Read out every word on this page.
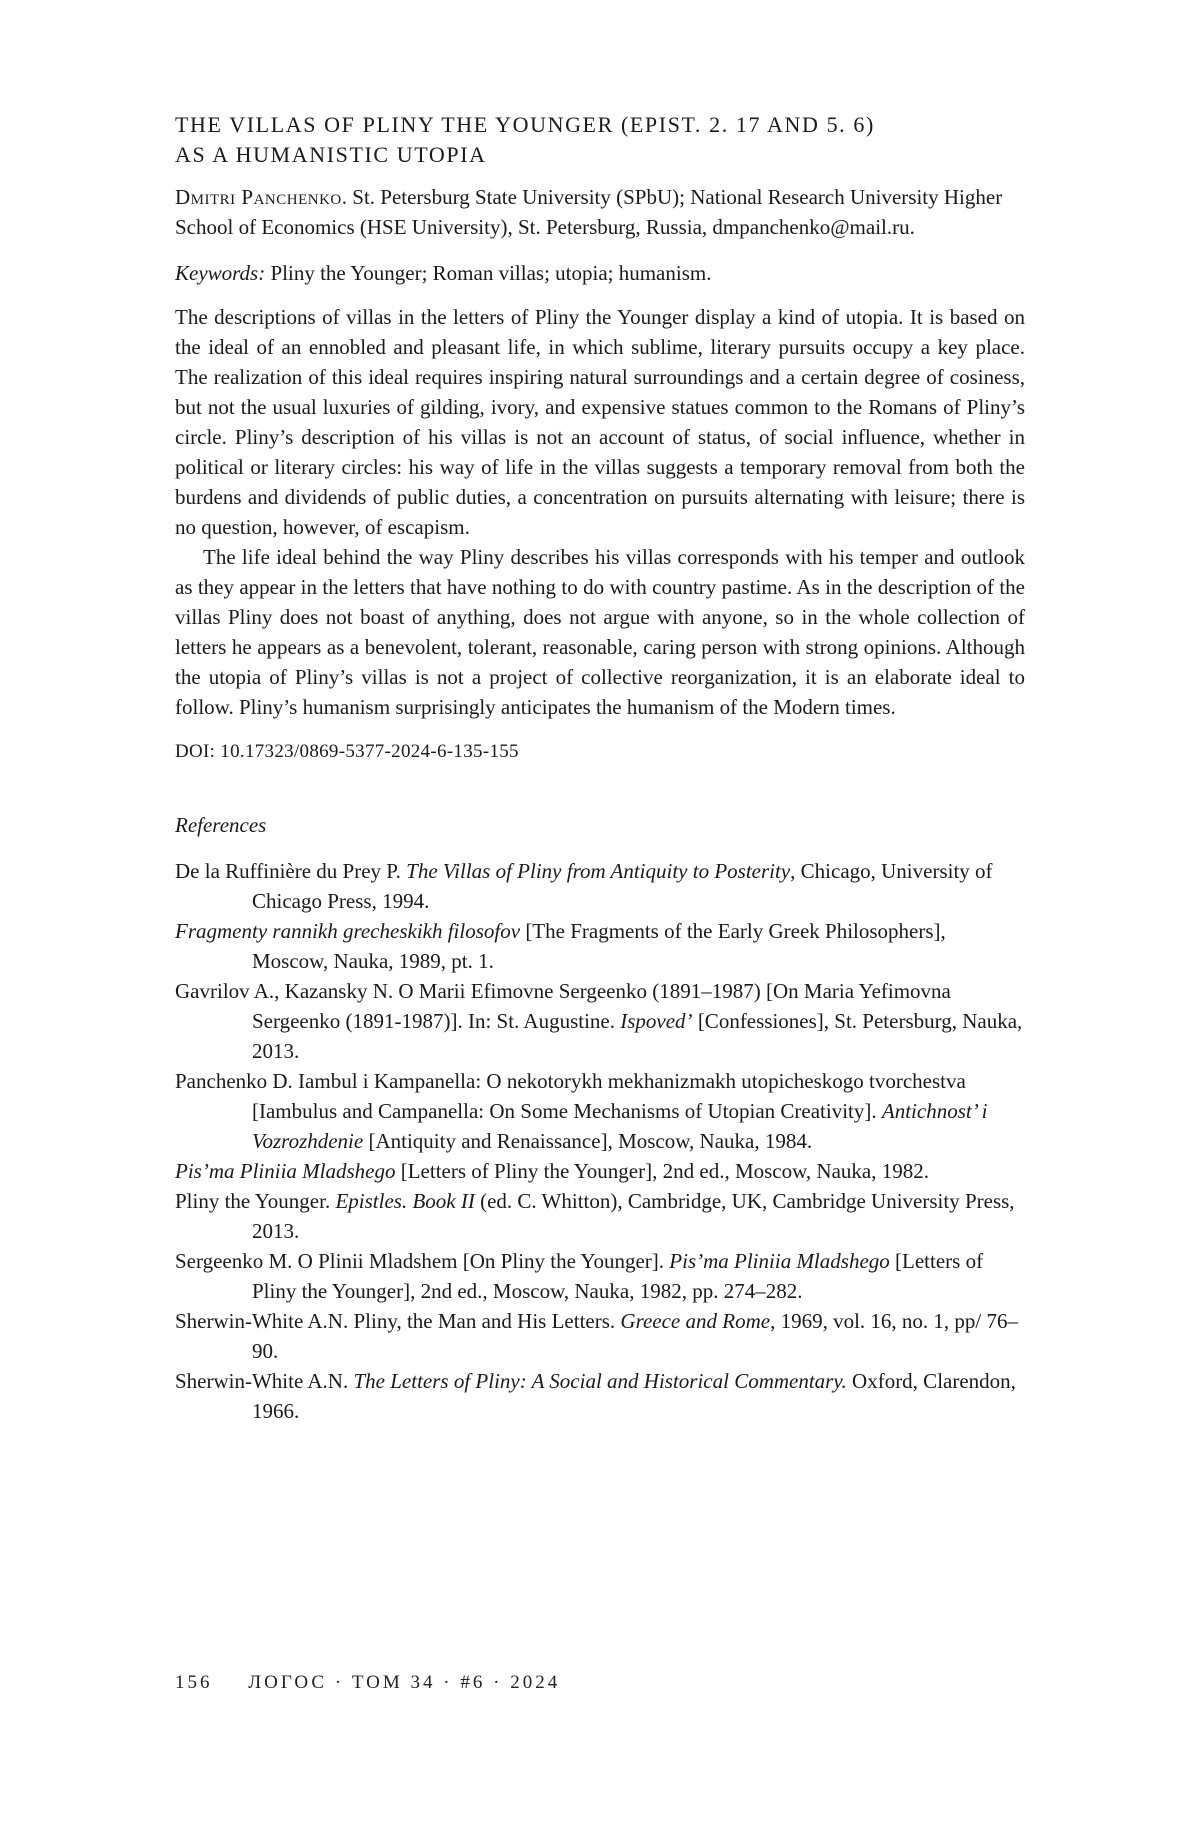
THE VILLAS OF PLINY THE YOUNGER (EPIST. 2. 17 AND 5. 6)
AS A HUMANISTIC UTOPIA
Dmitri Panchenko. St. Petersburg State University (SPbU); National Research University Higher School of Economics (HSE University), St. Petersburg, Russia, dmpanchenko@mail.ru.
Keywords: Pliny the Younger; Roman villas; utopia; humanism.

The descriptions of villas in the letters of Pliny the Younger display a kind of utopia. It is based on the ideal of an ennobled and pleasant life, in which sublime, literary pursuits occupy a key place. The realization of this ideal requires inspiring natural surroundings and a certain degree of cosiness, but not the usual luxuries of gilding, ivory, and expensive statues common to the Romans of Pliny’s circle. Pliny’s description of his villas is not an account of status, of social influence, whether in political or literary circles: his way of life in the villas suggests a temporary removal from both the burdens and dividends of public duties, a concentration on pursuits alternating with leisure; there is no question, however, of escapism.

The life ideal behind the way Pliny describes his villas corresponds with his temper and outlook as they appear in the letters that have nothing to do with country pastime. As in the description of the villas Pliny does not boast of anything, does not argue with anyone, so in the whole collection of letters he appears as a benevolent, tolerant, reasonable, caring person with strong opinions. Although the utopia of Pliny’s villas is not a project of collective reorganization, it is an elaborate ideal to follow. Pliny’s humanism surprisingly anticipates the humanism of the Modern times.

DOI: 10.17323/0869-5377-2024-6-135-155
References

De la Ruffinière du Prey P. The Villas of Pliny from Antiquity to Posterity, Chicago, University of Chicago Press, 1994.

Fragmenty rannikh grecheskikh filosofov [The Fragments of the Early Greek Philosophers], Moscow, Nauka, 1989, pt. 1.

Gavrilov A., Kazansky N. O Marii Efimovne Sergeenko (1891–1987) [On Maria Yefimovna Sergeenko (1891-1987)]. In: St. Augustine. Ispoved’ [Confessiones], St. Petersburg, Nauka, 2013.

Panchenko D. Iambul i Kampanella: O nekotorykh mekhanizmakh utopicheskogo tvorchestva [Iambulus and Campanella: On Some Mechanisms of Utopian Creativity]. Antichnost’ i Vozrozhdenie [Antiquity and Renaissance], Moscow, Nauka, 1984.

Pis’ma Pliniia Mladshego [Letters of Pliny the Younger], 2nd ed., Moscow, Nauka, 1982.

Pliny the Younger. Epistles. Book II (ed. C. Whitton), Cambridge, UK, Cambridge University Press, 2013.

Sergeenko M. O Plinii Mladshem [On Pliny the Younger]. Pis’ma Pliniia Mladshego [Letters of Pliny the Younger], 2nd ed., Moscow, Nauka, 1982, pp. 274–282.

Sherwin-White A.N. Pliny, the Man and His Letters. Greece and Rome, 1969, vol. 16, no. 1, pp/ 76–90.

Sherwin-White A.N. The Letters of Pliny: A Social and Historical Commentary. Oxford, Clarendon, 1966.

156 ЛОГОС · ТОМ 34 · #6 · 2024
